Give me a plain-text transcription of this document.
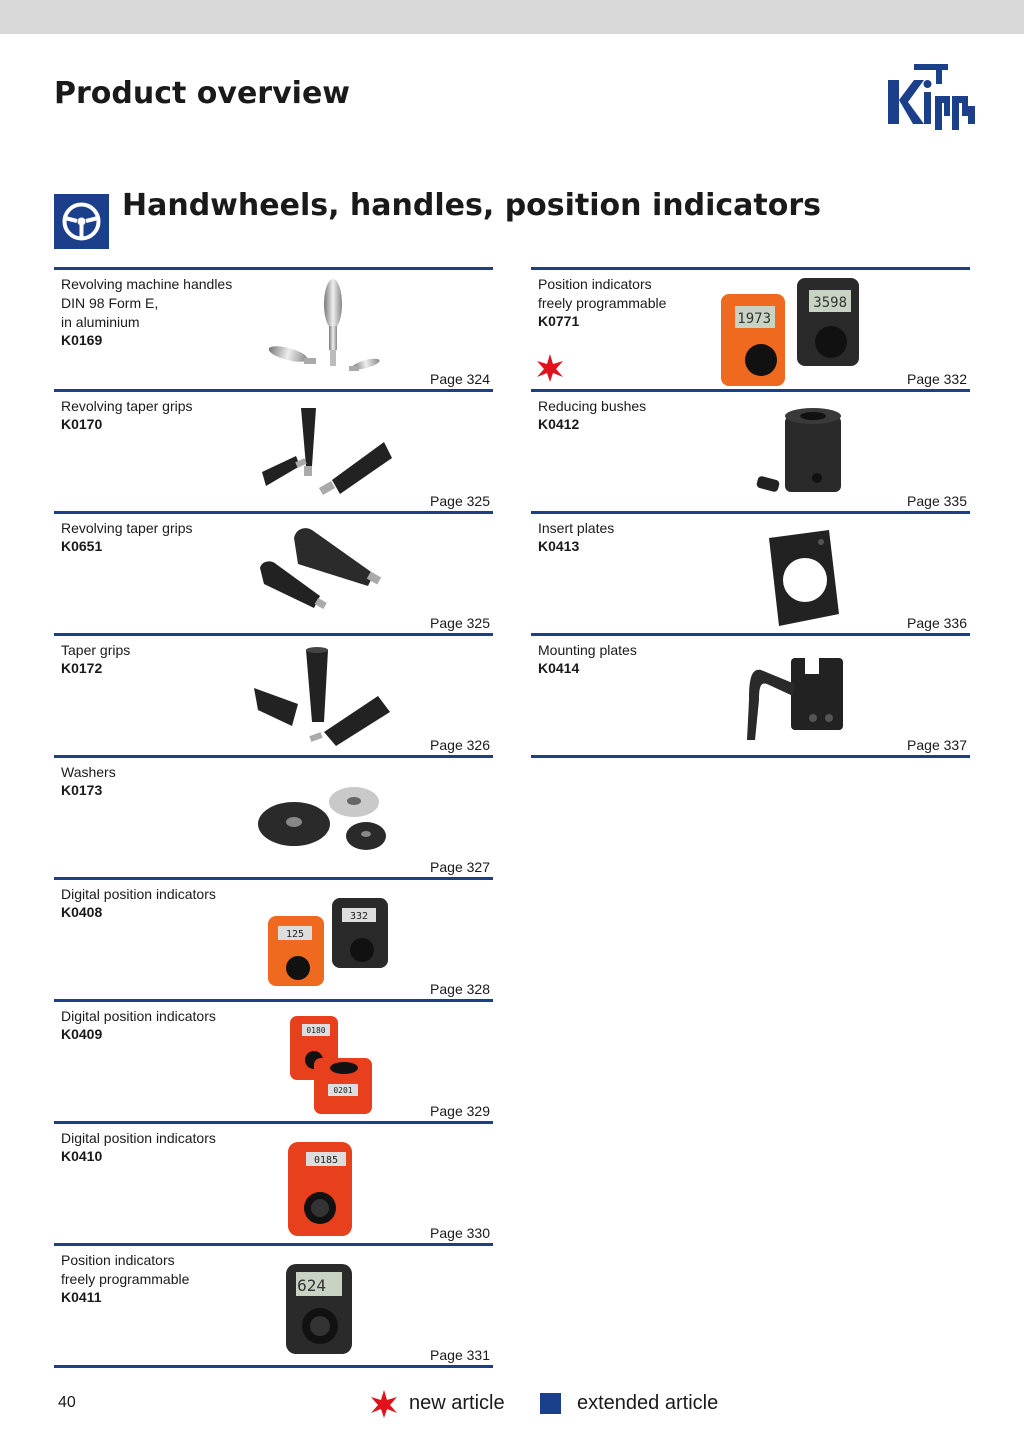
Product overview
Handwheels, handles, position indicators
Revolving machine handles
DIN 98 Form E,
in aluminium
K0169
Page 324
Revolving taper grips
K0170
Page 325
Revolving taper grips
K0651
Page 325
Taper grips
K0172
Page 326
Washers
K0173
Page 327
Digital position indicators
K0408
125
332
Page 328
Digital position indicators
K0409	0180
0201
Page 329
Digital position indicators
K0410	0185
Page 330
Position indicators
freely programmable
K0411
624
Page 331
Position indicators
freely programmable
K0771	1973
3598
Page 332
Reducing bushes
K0412
Page 335
Insert plates
K0413
Page 336
Mounting plates
K0414
Page 337
40	new article	extended article
